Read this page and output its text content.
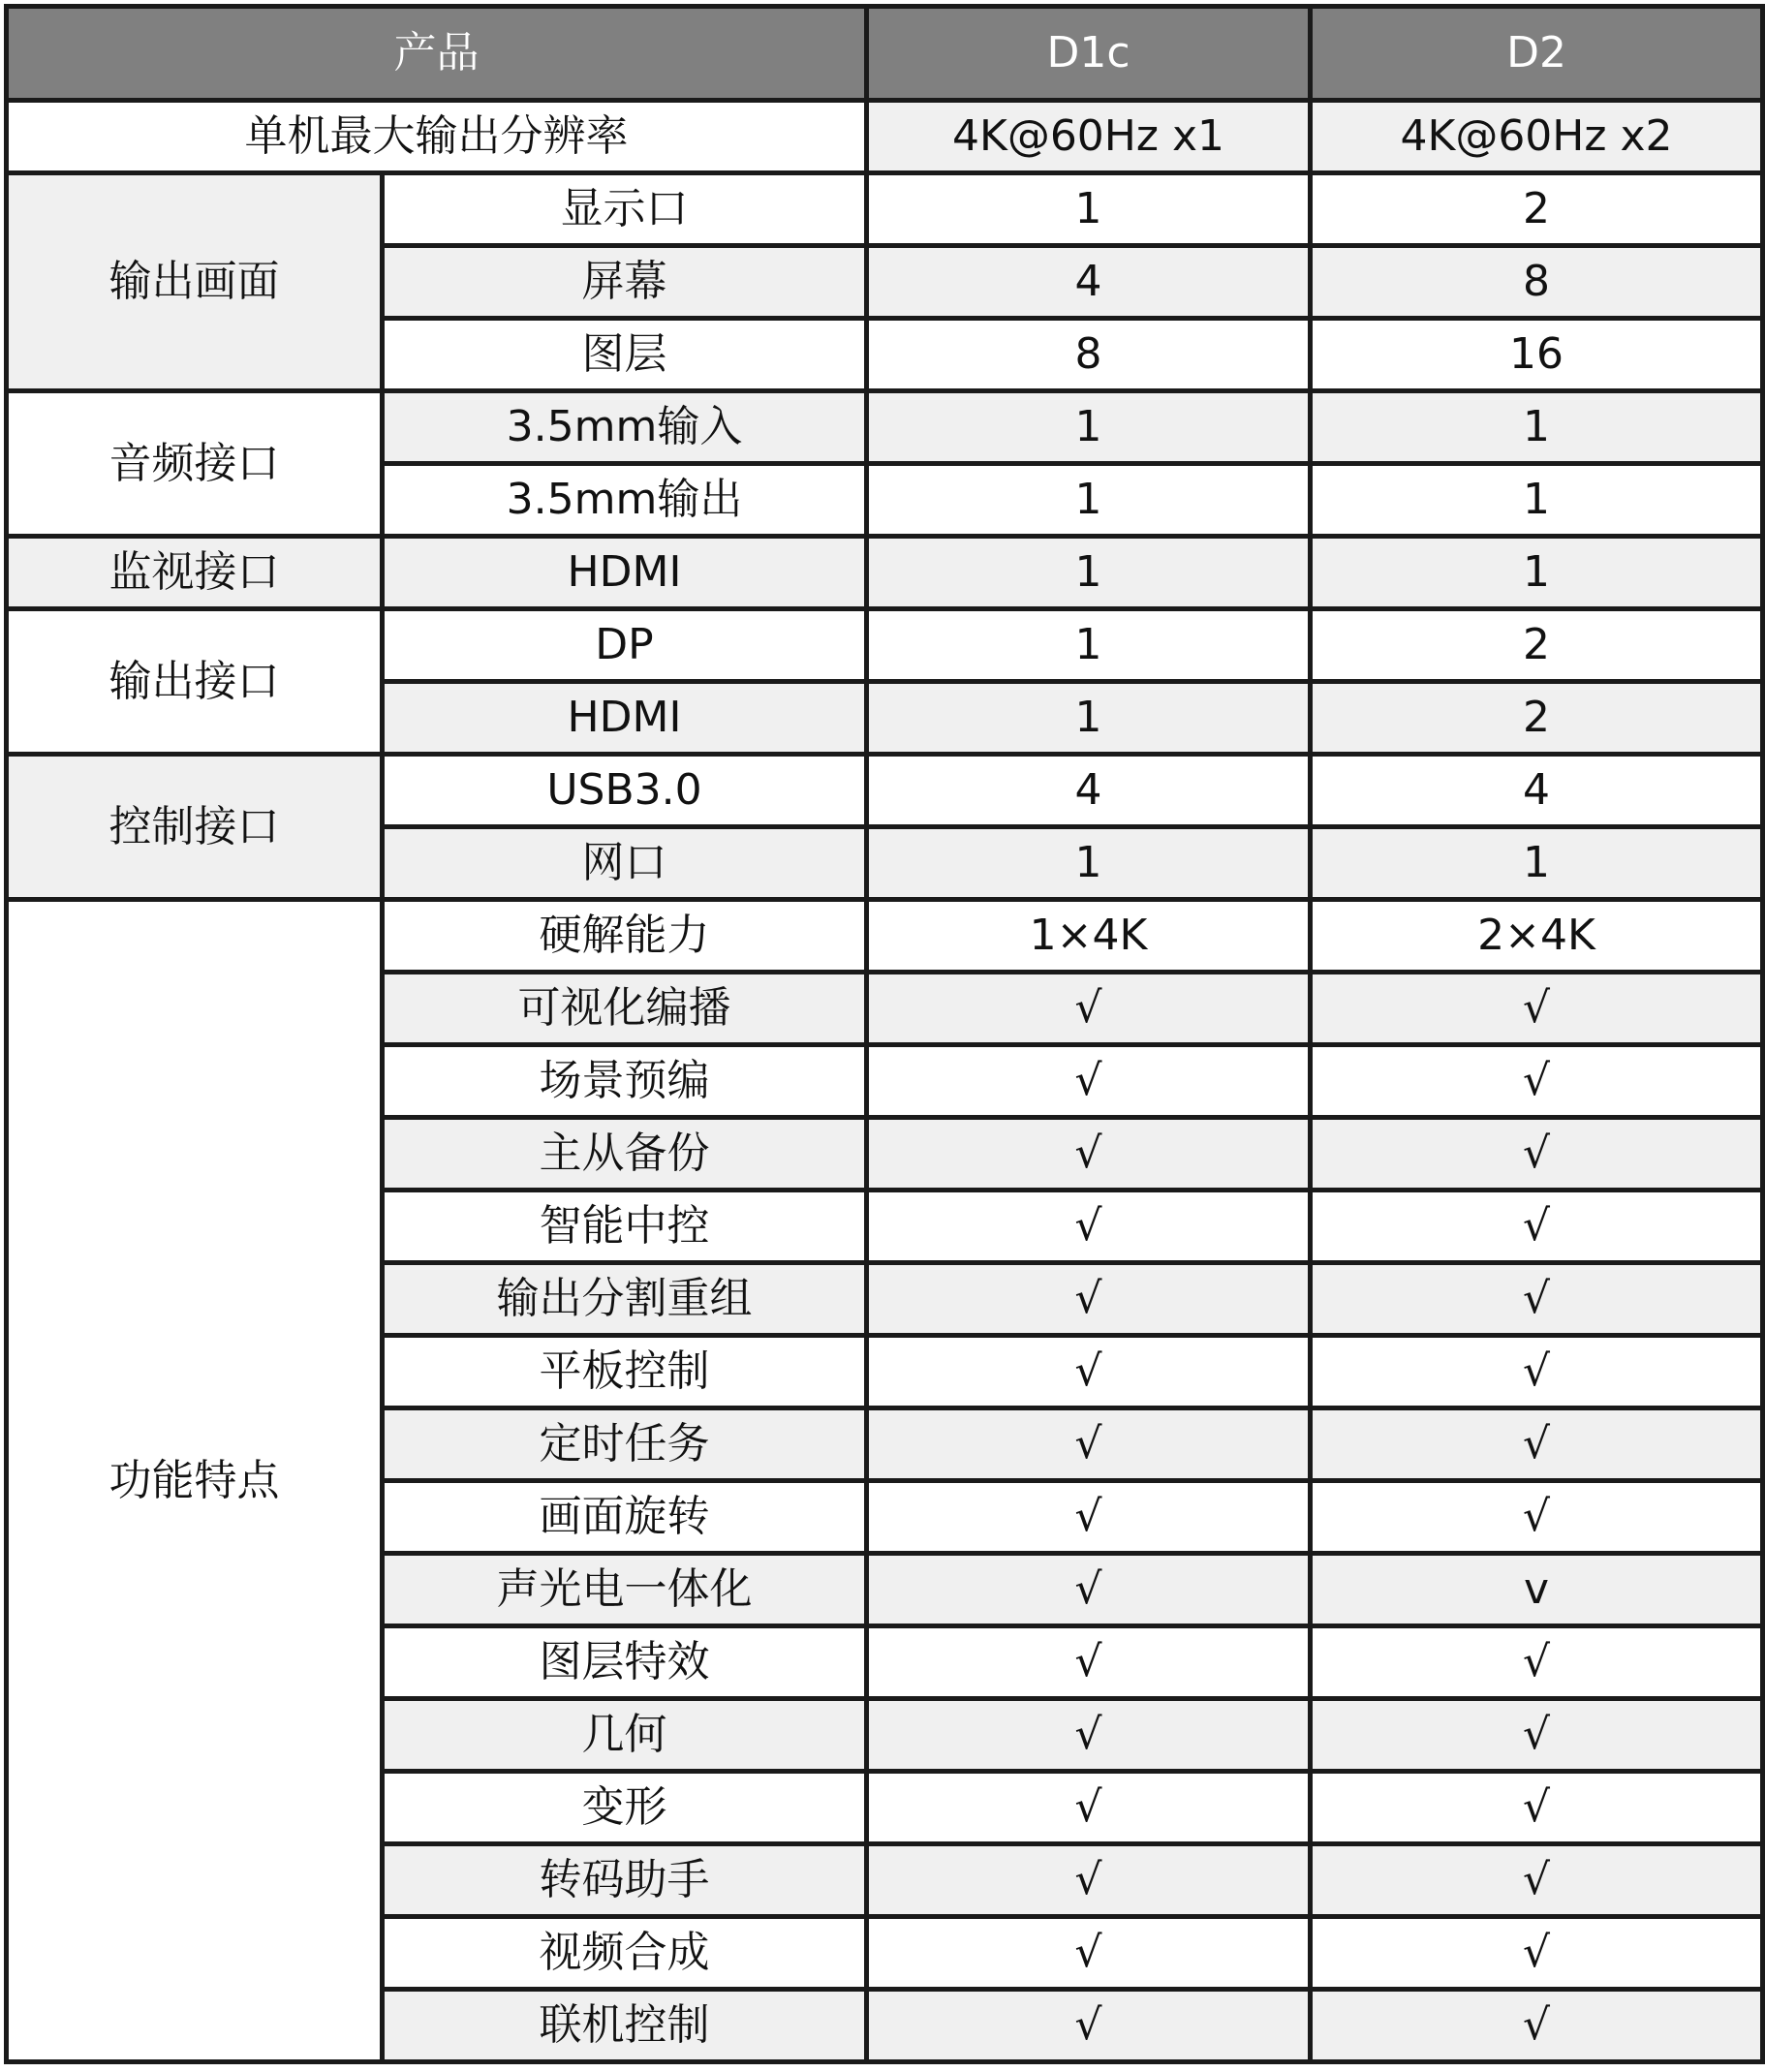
产品		D1c	D2
单机最大输出分辨率		4K@60Hz x1	4K@60Hz x2
输出画面	显示口	1	2
	屏幕	4	8
	图层	8	16
音频接口	3.5mm输入	1	1
	3.5mm输出	1	1
监视接口	HDMI	1	1
输出接口	DP	1	2
	HDMI	1	2
控制接口	USB3.0	4	4
	网口	1	1
功能特点	硬解能力	1×4K	2×4K
	可视化编播	√	√
	场景预编	√	√
	主从备份	√	√
	智能中控	√	√
	输出分割重组	√	√
	平板控制	√	√
	定时任务	√	√
	画面旋转	√	√
	声光电一体化	√	v
	图层特效	√	√
	几何	√	√
	变形	√	√
	转码助手	√	√
	视频合成	√	√
	联机控制	√	√
